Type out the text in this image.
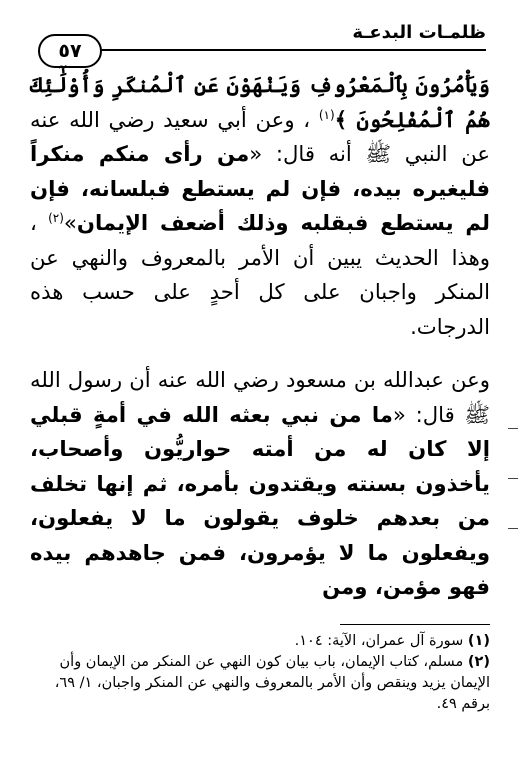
ظلمـات البدعـة
٥٧

وَيَأْمُرُونَ بِٱلْمَعْرُوفِ وَيَنْهَوْنَ عَنِ ٱلْمُنكَرِ وَأُوْلَٰٓئِكَ هُمُ ٱلْمُفْلِحُونَ ﴾$^{(١)}$ ، وعن أبي سعيد رضي الله عنه عن النبي ﷺ أنه قال: «من رأى منكم منكراً فليغيره بيده، فإن لم يستطع فبلسانه، فإن لم يستطع فبقلبه وذلك أضعف الإيمان»$^{(٢)}$ ، وهذا الحديث يبين أن الأمر بالمعروف والنهي عن المنكر واجبان على كل أحدٍ على حسب هذه الدرجات.

وعن عبدالله بن مسعود رضي الله عنه أن رسول الله ﷺ قال: «ما من نبي بعثه الله في أمةٍ قبلي إلا كان له من أمته حواريُّون وأصحاب، يأخذون بسنته ويقتدون بأمره، ثم إنها تخلف من بعدهم خلوف يقولون ما لا يفعلون، ويفعلون ما لا يؤمرون، فمن جاهدهم بيده فهو مؤمن، ومن

(١) سورة آل عمران، الآية: ١٠٤.

(٢) مسلم، كتاب الإيمان، باب بيان كون النهي عن المنكر من الإيمان وأن الإيمان يزيد وينقص وأن الأمر بالمعروف والنهي عن المنكر واجبان، ١/ ٦٩، برقم ٤٩.
